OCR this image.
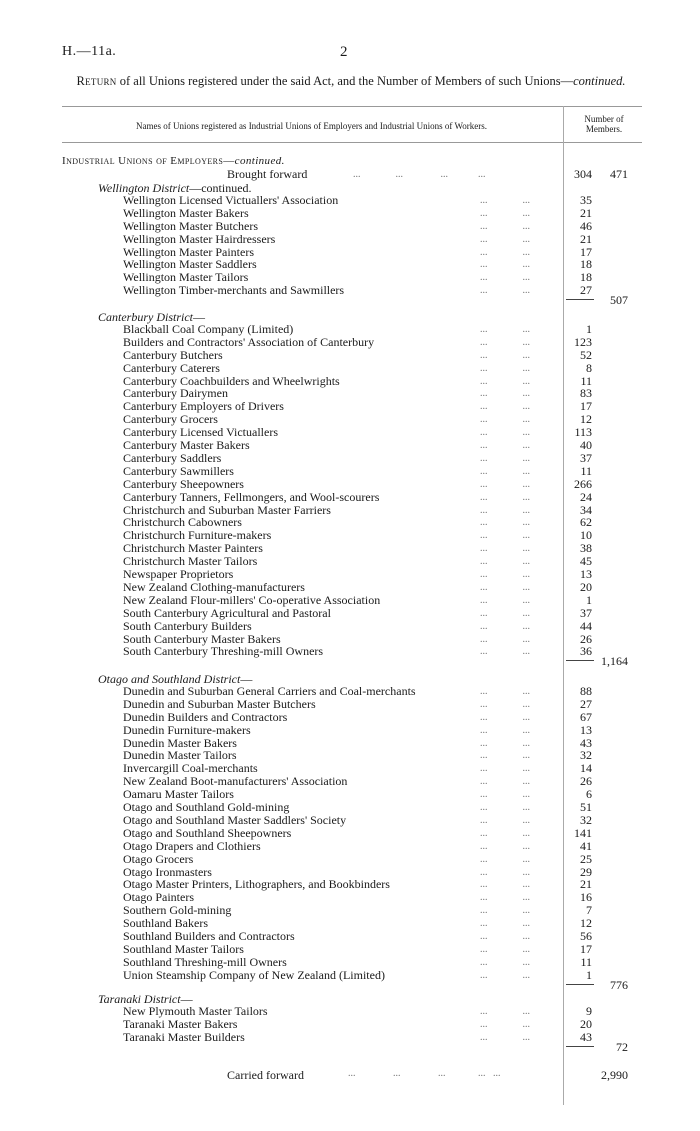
H.—11a.	2
Return of all Unions registered under the said Act, and the Number of Members of such Unions—continued.
Names of Unions registered as Industrial Unions of Employers and Industrial Unions of Workers.
Number of Members.
Industrial Unions of Employers—continued.
Brought forward	...              ...               ...            ...	304	471
Wellington District—continued.
Wellington Licensed Victuallers' Association	...              ...	35
Wellington Master Bakers	...              ...	21
Wellington Master Butchers	...              ...	46
Wellington Master Hairdressers	...              ...	21
Wellington Master Painters	...              ...	17
Wellington Master Saddlers	...              ...	18
Wellington Master Tailors	...              ...	18
Wellington Timber-merchants and Sawmillers	...              ...	27
507
Canterbury District—
Blackball Coal Company (Limited)	...              ...	1
Builders and Contractors' Association of Canterbury	...              ...	123
Canterbury Butchers	...              ...	52
Canterbury Caterers	...              ...	8
Canterbury Coachbuilders and Wheelwrights	...              ...	11
Canterbury Dairymen	...              ...	83
Canterbury Employers of Drivers	...              ...	17
Canterbury Grocers	...              ...	12
Canterbury Licensed Victuallers	...              ...	113
Canterbury Master Bakers	...              ...	40
Canterbury Saddlers	...              ...	37
Canterbury Sawmillers	...              ...	11
Canterbury Sheepowners	...              ...	266
Canterbury Tanners, Fellmongers, and Wool-scourers	...              ...	24
Christchurch and Suburban Master Farriers	...              ...	34
Christchurch Cabowners	...              ...	62
Christchurch Furniture-makers	...              ...	10
Christchurch Master Painters	...              ...	38
Christchurch Master Tailors	...              ...	45
Newspaper Proprietors	...              ...	13
New Zealand Clothing-manufacturers	...              ...	20
New Zealand Flour-millers' Co-operative Association	...              ...	1
South Canterbury Agricultural and Pastoral	...              ...	37
South Canterbury Builders	...              ...	44
South Canterbury Master Bakers	...              ...	26
South Canterbury Threshing-mill Owners	...              ...	36
1,164
Otago and Southland District—
Dunedin and Suburban General Carriers and Coal-merchants	...              ...	88
Dunedin and Suburban Master Butchers	...              ...	27
Dunedin Builders and Contractors	...              ...	67
Dunedin Furniture-makers	...              ...	13
Dunedin Master Bakers	...              ...	43
Dunedin Master Tailors	...              ...	32
Invercargill Coal-merchants	...              ...	14
New Zealand Boot-manufacturers' Association	...              ...	26
Oamaru Master Tailors	...              ...	6
Otago and Southland Gold-mining	...              ...	51
Otago and Southland Master Saddlers' Society	...              ...	32
Otago and Southland Sheepowners	...              ...	141
Otago Drapers and Clothiers	...              ...	41
Otago Grocers	...              ...	25
Otago Ironmasters	...              ...	29
Otago Master Printers, Lithographers, and Bookbinders	...              ...	21
Otago Painters	...              ...	16
Southern Gold-mining	...              ...	7
Southland Bakers	...              ...	12
Southland Builders and Contractors	...              ...	56
Southland Master Tailors	...              ...	17
Southland Threshing-mill Owners	...              ...	11
Union Steamship Company of New Zealand (Limited)	...              ...	1
776
Taranaki District—
New Plymouth Master Tailors	...              ...	9
Taranaki Master Bakers	...              ...	20
Taranaki Master Builders	...              ...	43
72
Carried forward	...               ...               ...             ...   ...	2,990
